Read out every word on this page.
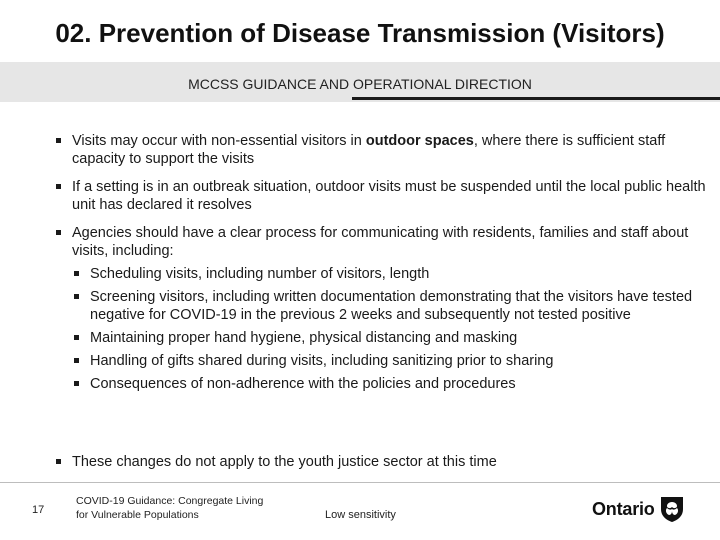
02. Prevention of Disease Transmission (Visitors)
MCCSS GUIDANCE AND OPERATIONAL DIRECTION
Visits may occur with non-essential visitors in outdoor spaces, where there is sufficient staff capacity to support the visits
If a setting is in an outbreak situation, outdoor visits must be suspended until the local public health unit has declared it resolves
Agencies should have a clear process for communicating with residents, families and staff about visits, including:
Scheduling visits, including number of visitors, length
Screening visitors, including written documentation demonstrating that the visitors have tested negative for COVID-19 in the previous 2 weeks and subsequently not tested positive
Maintaining proper hand hygiene, physical distancing and masking
Handling of gifts shared during visits, including sanitizing prior to sharing
Consequences of non-adherence with the policies and procedures
These changes do not apply to the youth justice sector at this time
17
COVID-19 Guidance: Congregate Living for Vulnerable Populations	Low sensitivity	Ontario
